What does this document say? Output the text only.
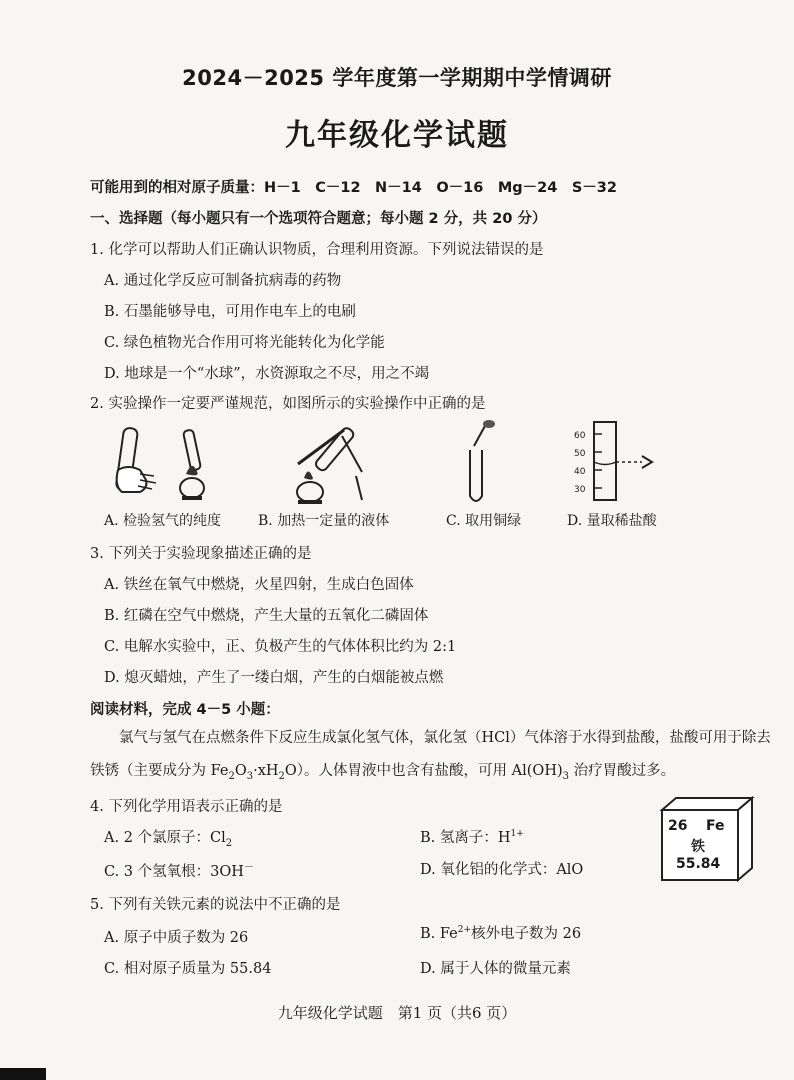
2024－2025 学年度第一学期期中学情调研
九年级化学试题
可能用到的相对原子质量：H－1　C－12　N－14　O－16　Mg－24　S－32
一、选择题（每小题只有一个选项符合题意；每小题 2 分，共 20 分）
1. 化学可以帮助人们正确认识物质，合理利用资源。下列说法错误的是
A. 通过化学反应可制备抗病毒的药物
B. 石墨能够导电，可用作电车上的电刷
C. 绿色植物光合作用可将光能转化为化学能
D. 地球是一个“水球”，水资源取之不尽，用之不竭
2. 实验操作一定要严谨规范，如图所示的实验操作中正确的是
60
50
40
30
A. 检验氢气的纯度	B. 加热一定量的液体	C. 取用铜绿	D. 量取稀盐酸
3. 下列关于实验现象描述正确的是
A. 铁丝在氧气中燃烧，火星四射，生成白色固体
B. 红磷在空气中燃烧，产生大量的五氧化二磷固体
C. 电解水实验中，正、负极产生的气体体积比约为 2:1
D. 熄灭蜡烛，产生了一缕白烟，产生的白烟能被点燃
阅读材料，完成 4－5 小题：
氯气与氢气在点燃条件下反应生成氯化氢气体，氯化氢（HCl）气体溶于水得到盐酸，盐酸可用于除去铁锈（主要成分为 $Fe_2O_3\cdot xH_2O$）。人体胃液中也含有盐酸，可用 $Al(OH)_3$ 治疗胃酸过多。
4. 下列化学用语表示正确的是
A. 2 个氯原子：$Cl_2$	B. 氢离子：$H^{1+}$
C. 3 个氢氧根：3OH－	D. 氧化铝的化学式：AlO
26 Fe
铁
55.84
5. 下列有关铁元素的说法中不正确的是
A. 原子中质子数为 26	B. $Fe^{2+}$核外电子数为 26
C. 相对原子质量为 55.84	D. 属于人体的微量元素
九年级化学试题　第1 页（共6 页）
